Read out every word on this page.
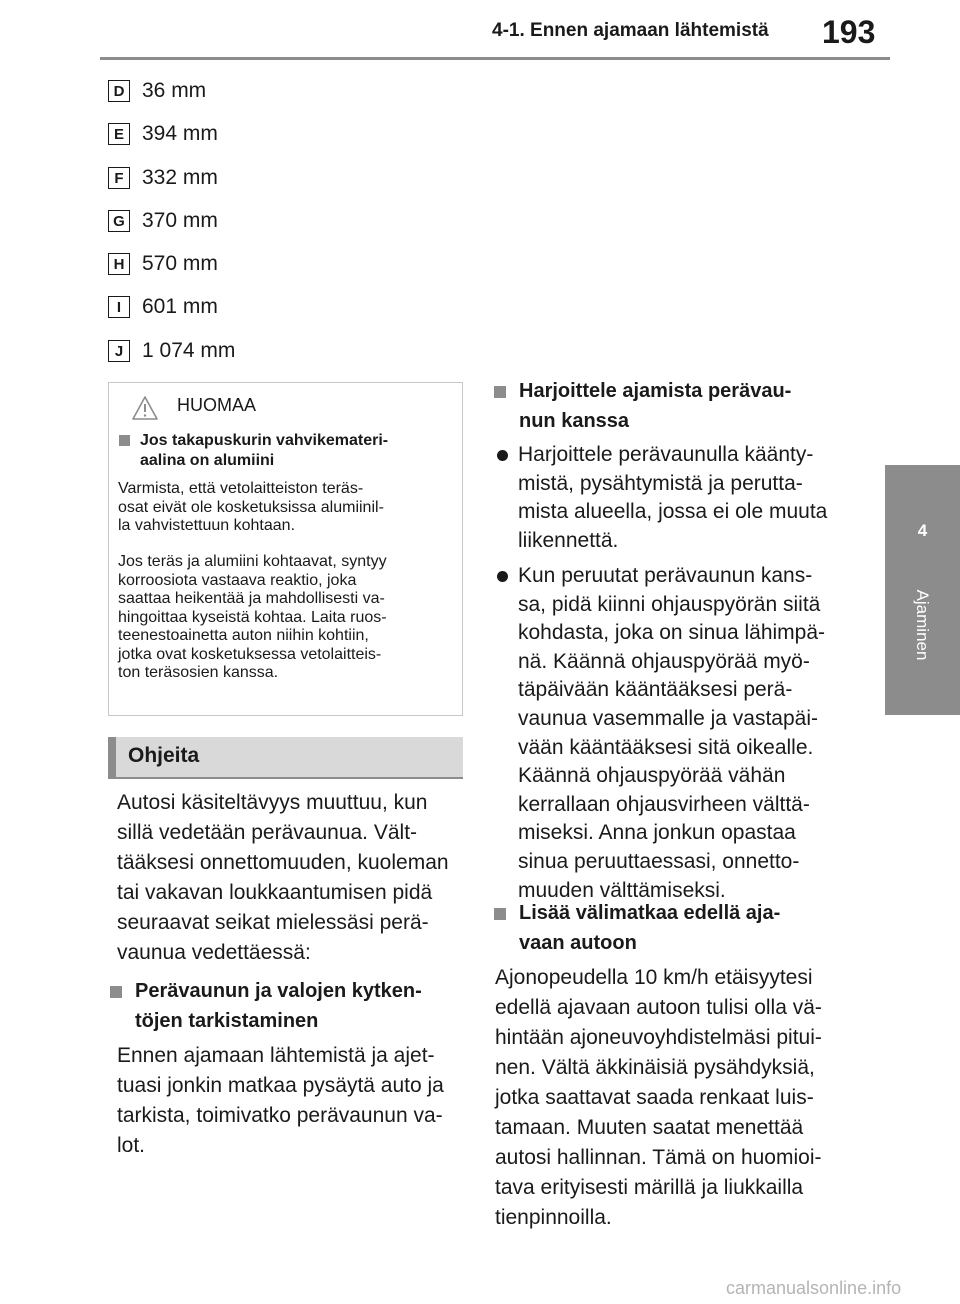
4-1. Ennen ajamaan lähtemistä 193
4
Ajaminen
D 36 mm
E 394 mm
F 332 mm
G 370 mm
H 570 mm
I 601 mm
J 1 074 mm
HUOMAA
Jos takapuskurin vahvikemateri-
aalina on alumiini
Varmista, että vetolaitteiston teräs-
osat eivät ole kosketuksissa alumiinil-
la vahvistettuun kohtaan.
Jos teräs ja alumiini kohtaavat, syntyy
korroosiota vastaava reaktio, joka
saattaa heikentää ja mahdollisesti va-
hingoittaa kyseistä kohtaa. Laita ruos-
teenestoainetta auton niihin kohtiin,
jotka ovat kosketuksessa vetolaitteis-
ton teräsosien kanssa.
Ohjeita
Autosi käsiteltävyys muuttuu, kun
sillä vedetään perävaunua. Vält-
tääksesi onnettomuuden, kuoleman
tai vakavan loukkaantumisen pidä
seuraavat seikat mielessäsi perä-
vaunua vedettäessä:
Perävaunun ja valojen kytken-
töjen tarkistaminen
Ennen ajamaan lähtemistä ja ajet-
tuasi jonkin matkaa pysäytä auto ja
tarkista, toimivatko perävaunun va-
lot.
Harjoittele ajamista perävau-
nun kanssa
Harjoittele perävaunulla käänty-
mistä, pysähtymistä ja perutta-
mista alueella, jossa ei ole muuta
liikennettä.
Kun peruutat perävaunun kans-
sa, pidä kiinni ohjauspyörän siitä
kohdasta, joka on sinua lähimpä-
nä. Käännä ohjauspyörää myö-
täpäivään kääntääksesi perä-
vaunua vasemmalle ja vastapäi-
vään kääntääksesi sitä oikealle.
Käännä ohjauspyörää vähän
kerrallaan ohjausvirheen välttä-
miseksi. Anna jonkun opastaa
sinua peruuttaessasi, onnetto-
muuden välttämiseksi.
Lisää välimatkaa edellä aja-
vaan autoon
Ajonopeudella 10 km/h etäisyytesi
edellä ajavaan autoon tulisi olla vä-
hintään ajoneuvoyhdistelmäsi pitui-
nen. Vältä äkkinäisiä pysähdyksiä,
jotka saattavat saada renkaat luis-
tamaan. Muuten saatat menettää
autosi hallinnan. Tämä on huomioi-
tava erityisesti märillä ja liukkailla
tienpinnoilla.
carmanualsonline.info
